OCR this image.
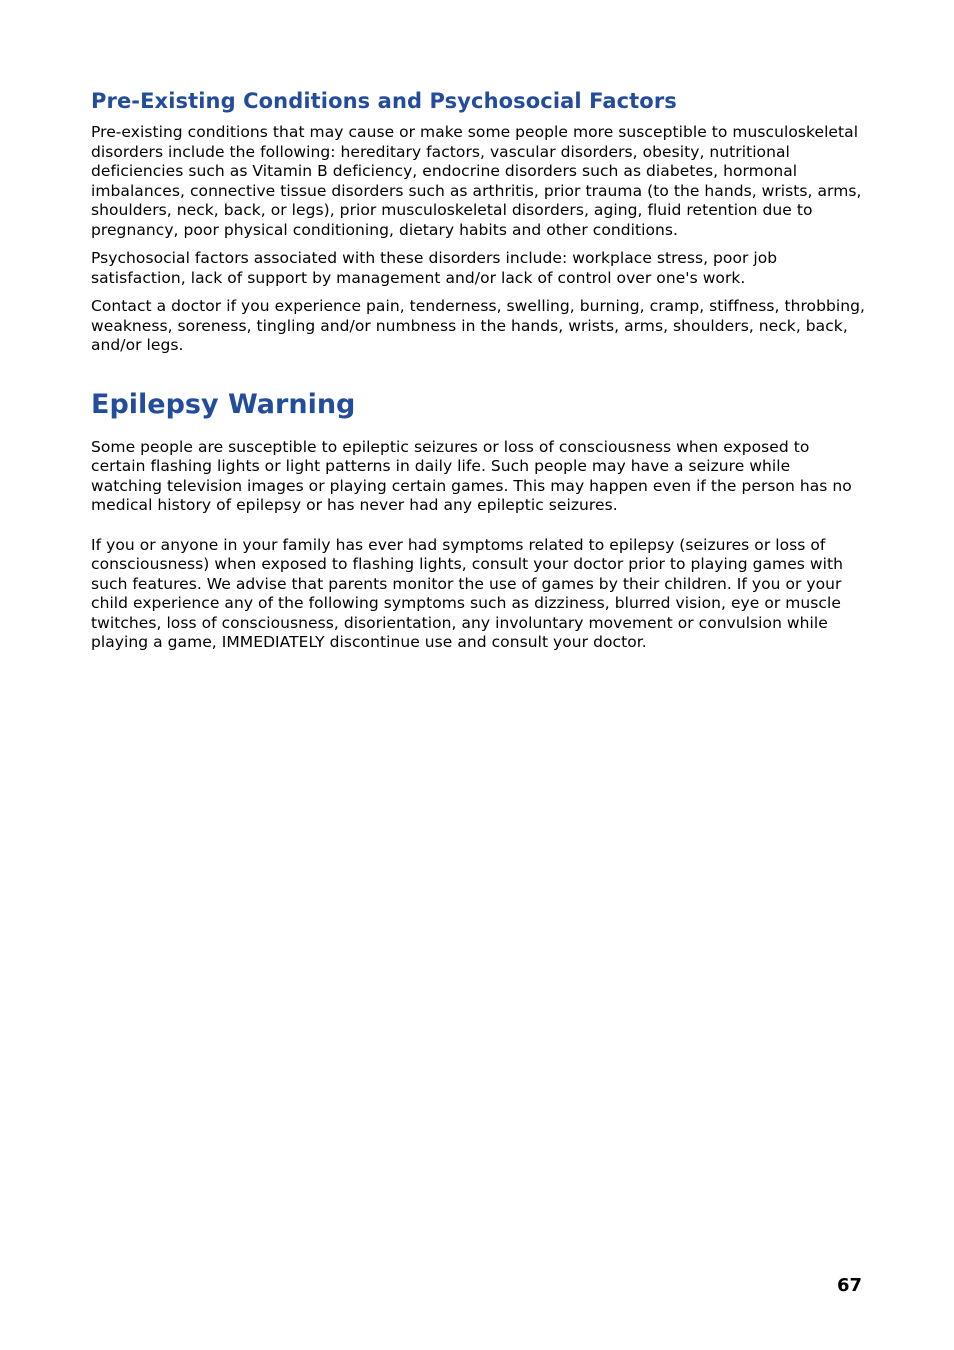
Pre-Existing Conditions and Psychosocial Factors

Pre-existing conditions that may cause or make some people more susceptible to musculoskeletal disorders include the following: hereditary factors, vascular disorders, obesity, nutritional deficiencies such as Vitamin B deficiency, endocrine disorders such as diabetes, hormonal imbalances, connective tissue disorders such as arthritis, prior trauma (to the hands, wrists, arms, shoulders, neck, back, or legs), prior musculoskeletal disorders, aging, fluid retention due to pregnancy, poor physical conditioning, dietary habits and other conditions.

Psychosocial factors associated with these disorders include: workplace stress, poor job satisfaction, lack of support by management and/or lack of control over one's work.

Contact a doctor if you experience pain, tenderness, swelling, burning, cramp, stiffness, throbbing, weakness, soreness, tingling and/or numbness in the hands, wrists, arms, shoulders, neck, back, and/or legs.

Epilepsy Warning

Some people are susceptible to epileptic seizures or loss of consciousness when exposed to certain flashing lights or light patterns in daily life. Such people may have a seizure while watching television images or playing certain games. This may happen even if the person has no medical history of epilepsy or has never had any epileptic seizures.

If you or anyone in your family has ever had symptoms related to epilepsy (seizures or loss of consciousness) when exposed to flashing lights, consult your doctor prior to playing games with such features. We advise that parents monitor the use of games by their children. If you or your child experience any of the following symptoms such as dizziness, blurred vision, eye or muscle twitches, loss of consciousness, disorientation, any involuntary movement or convulsion while playing a game, IMMEDIATELY discontinue use and consult your doctor.

67
